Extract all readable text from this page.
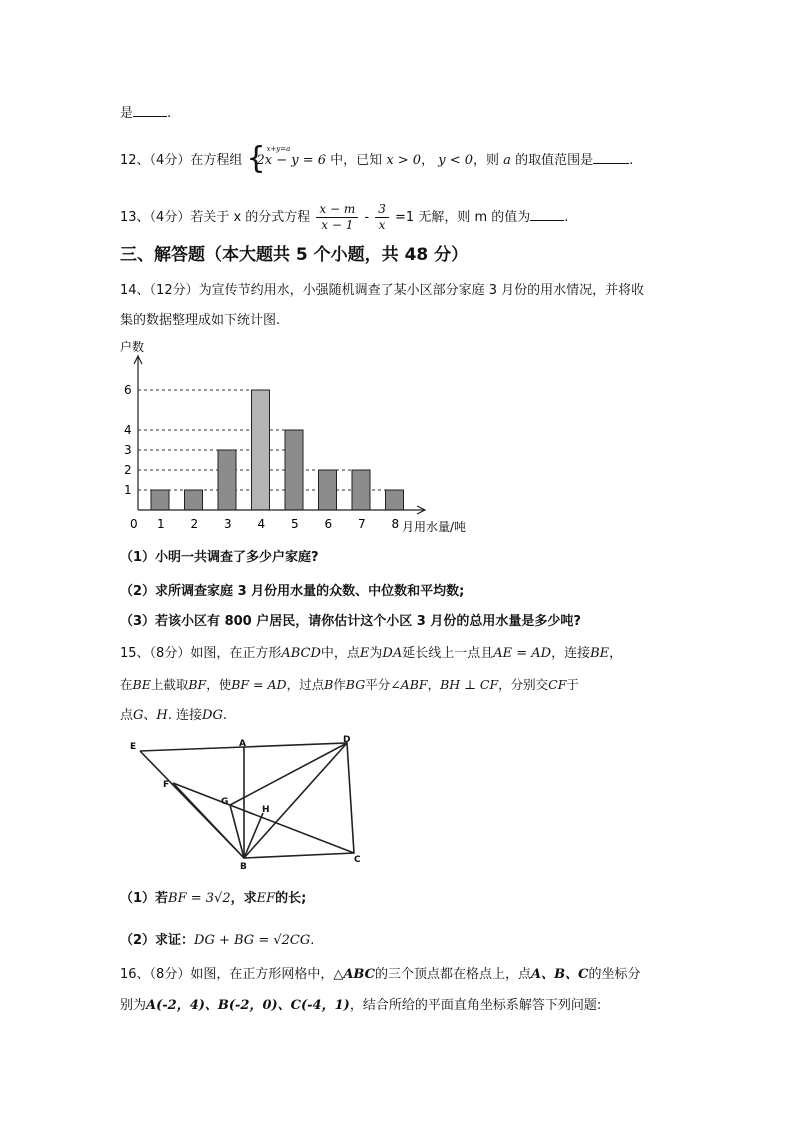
是	.
12、（4分）在方程组 { x+y=a
2x − y = 6 中，已知 x > 0， y < 0，则 a 的取值范围是	.
13、（4分）若关于 x 的分式方程 $\frac{x - m}{x - 1} - \frac{3}{x} =1$ 无解，则 m 的值为	.
三、解答题（本大题共 5 个小题，共 48 分）
14、（12分）为宣传节约用水，小强随机调查了某小区部分家庭 3 月份的用水情况，并将收
集的数据整理成如下统计图.
户数
月用水量/吨
0 1 2 3 4 5 6 7 8
1
2
3
4
6
（1）小明一共调查了多少户家庭?
（2）求所调查家庭 3 月份用水量的众数、中位数和平均数;
（3）若该小区有 800 户居民，请你估计这个小区 3 月份的总用水量是多少吨?
15、（8分）如图，在正方形ABCD中，点E为DA延长线上一点且AE = AD，连接BE，
在BE上截取BF，使BF = AD，过点B作BG平分∠ABF，BH ⊥ CF，分别交CF于
点G、H. 连接DG.
E	A	D
F
G
H
B
C
（1）若BF = 3√2，求EF的长;
（2）求证：DG + BG = √2CG.
16、（8分）如图，在正方形网格中，△ABC的三个顶点都在格点上，点A、B、C的坐标分
别为A(-2，4)、B(-2，0)、C(-4，1)，结合所给的平面直角坐标系解答下列问题:
